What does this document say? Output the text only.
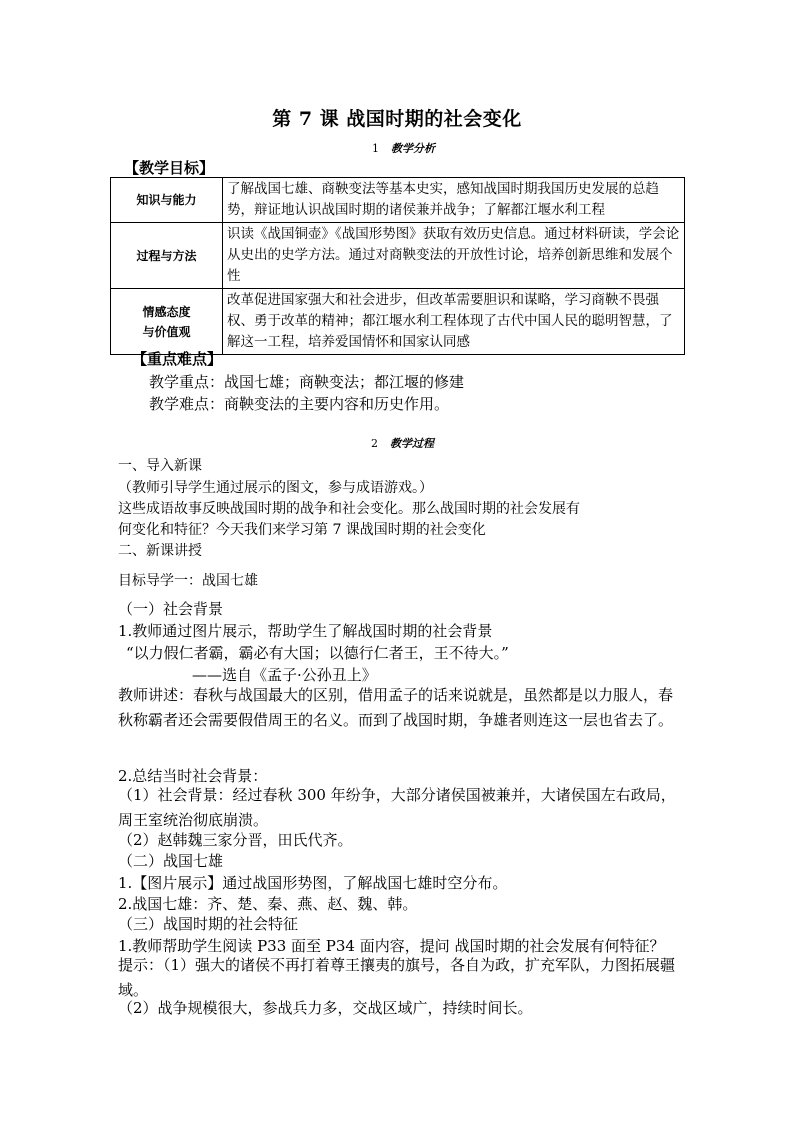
第 7 课 战国时期的社会变化
1 教学分析
【教学目标】
知识与能力	了解战国七雄、商鞅变法等基本史实，感知战国时期我国历史发展的总趋势，辩证地认识战国时期的诸侯兼并战争；了解都江堰水利工程
过程与方法	识读《战国铜壶》《战国形势图》获取有效历史信息。通过材料研读，学会论从史出的史学方法。通过对商鞅变法的开放性讨论，培养创新思维和发展个性
情感态度
与价值观	改革促进国家强大和社会进步，但改革需要胆识和谋略，学习商鞅不畏强权、勇于改革的精神；都江堰水利工程体现了古代中国人民的聪明智慧，了解这一工程，培养爱国情怀和国家认同感
【重点难点】
教学重点：战国七雄；商鞅变法；都江堰的修建
教学难点：商鞅变法的主要内容和历史作用。
2 教学过程
一、导入新课
（教师引导学生通过展示的图文，参与成语游戏。）
这些成语故事反映战国时期的战争和社会变化。那么战国时期的社会发展有
何变化和特征？今天我们来学习第 7 课战国时期的社会变化
二、新课讲授
目标导学一：战国七雄
（一）社会背景
1.教师通过图片展示，帮助学生了解战国时期的社会背景
“以力假仁者霸，霸必有大国；以德行仁者王，王不待大。”
——选自《孟子·公孙丑上》
教师讲述：春秋与战国最大的区别，借用孟子的话来说就是，虽然都是以力服人，春秋称霸者还会需要假借周王的名义。而到了战国时期，争雄者则连这一层也省去了。
2.总结当时社会背景：
（1）社会背景：经过春秋 300 年纷争，大部分诸侯国被兼并，大诸侯国左右政局，周王室统治彻底崩溃。
（2）赵韩魏三家分晋，田氏代齐。
（二）战国七雄
1.【图片展示】通过战国形势图，了解战国七雄时空分布。
2.战国七雄：齐、楚、秦、燕、赵、魏、韩。
（三）战国时期的社会特征
1.教师帮助学生阅读 P33 面至 P34 面内容，提问 战国时期的社会发展有何特征？
提示：（1）强大的诸侯不再打着尊王攘夷的旗号，各自为政，扩充军队，力图拓展疆域。
（2）战争规模很大，参战兵力多，交战区域广，持续时间长。
